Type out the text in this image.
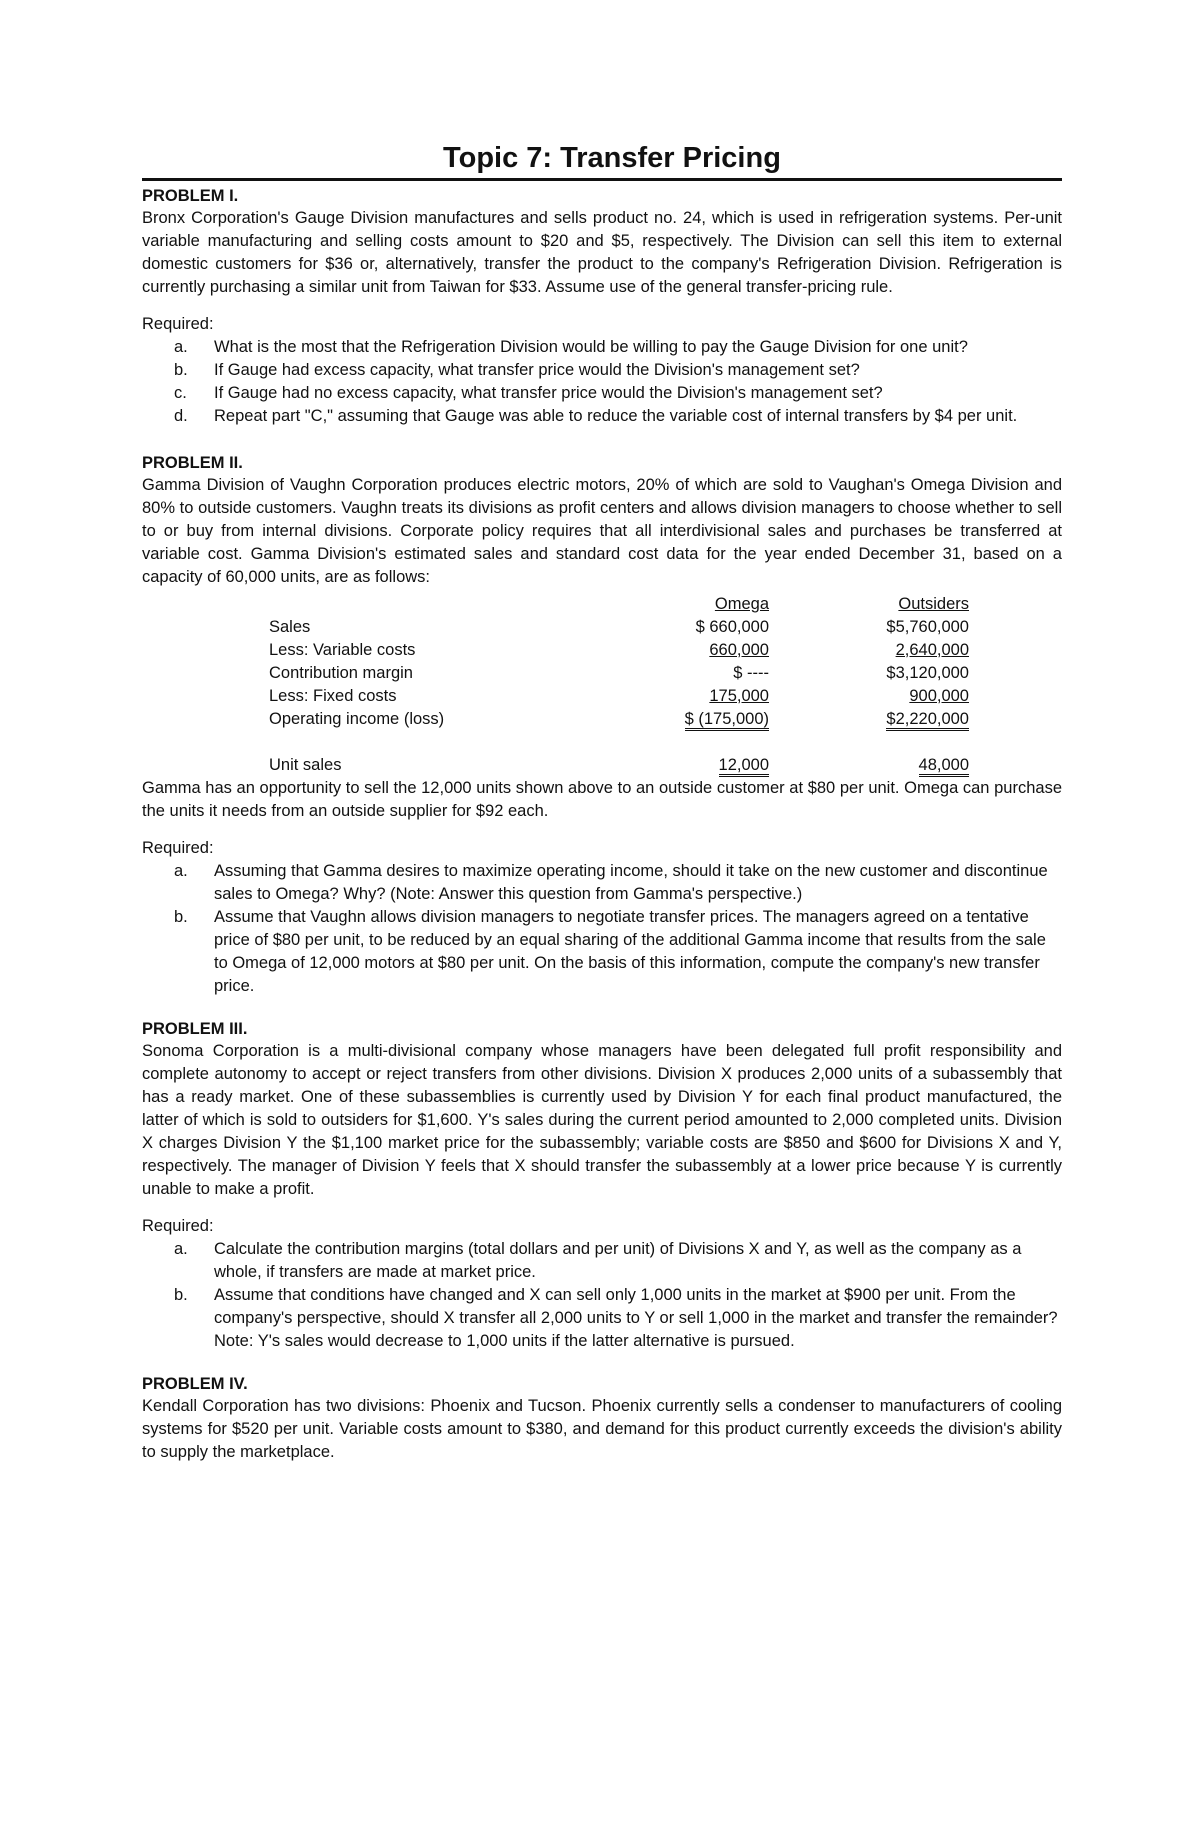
Topic 7: Transfer Pricing

PROBLEM I.

Bronx Corporation's Gauge Division manufactures and sells product no. 24, which is used in refrigeration systems. Per-unit variable manufacturing and selling costs amount to $20 and $5, respectively. The Division can sell this item to external domestic customers for $36 or, alternatively, transfer the product to the company's Refrigeration Division. Refrigeration is currently purchasing a similar unit from Taiwan for $33. Assume use of the general transfer-pricing rule.

Required:

a. What is the most that the Refrigeration Division would be willing to pay the Gauge Division for one unit?
b. If Gauge had excess capacity, what transfer price would the Division's management set?
c. If Gauge had no excess capacity, what transfer price would the Division's management set?
d. Repeat part "C," assuming that Gauge was able to reduce the variable cost of internal transfers by $4 per unit.

PROBLEM II.

Gamma Division of Vaughn Corporation produces electric motors, 20% of which are sold to Vaughan's Omega Division and 80% to outside customers. Vaughn treats its divisions as profit centers and allows division managers to choose whether to sell to or buy from internal divisions. Corporate policy requires that all interdivisional sales and purchases be transferred at variable cost. Gamma Division's estimated sales and standard cost data for the year ended December 31, based on a capacity of 60,000 units, are as follows:

	Omega	Outsiders
Sales	$ 660,000	$5,760,000
Less: Variable costs	660,000	2,640,000
Contribution margin	$ ----	$3,120,000
Less: Fixed costs	175,000	900,000
Operating income (loss)	$ (175,000)	$2,220,000

Unit sales	12,000	48,000

Gamma has an opportunity to sell the 12,000 units shown above to an outside customer at $80 per unit. Omega can purchase the units it needs from an outside supplier for $92 each.

Required:

a. Assuming that Gamma desires to maximize operating income, should it take on the new customer and discontinue sales to Omega? Why? (Note: Answer this question from Gamma's perspective.)
b. Assume that Vaughn allows division managers to negotiate transfer prices. The managers agreed on a tentative price of $80 per unit, to be reduced by an equal sharing of the additional Gamma income that results from the sale to Omega of 12,000 motors at $80 per unit. On the basis of this information, compute the company's new transfer price.

PROBLEM III.

Sonoma Corporation is a multi-divisional company whose managers have been delegated full profit responsibility and complete autonomy to accept or reject transfers from other divisions. Division X produces 2,000 units of a subassembly that has a ready market. One of these subassemblies is currently used by Division Y for each final product manufactured, the latter of which is sold to outsiders for $1,600. Y's sales during the current period amounted to 2,000 completed units. Division X charges Division Y the $1,100 market price for the subassembly; variable costs are $850 and $600 for Divisions X and Y, respectively. The manager of Division Y feels that X should transfer the subassembly at a lower price because Y is currently unable to make a profit.

Required:

a. Calculate the contribution margins (total dollars and per unit) of Divisions X and Y, as well as the company as a whole, if transfers are made at market price.
b. Assume that conditions have changed and X can sell only 1,000 units in the market at $900 per unit. From the company's perspective, should X transfer all 2,000 units to Y or sell 1,000 in the market and transfer the remainder? Note: Y's sales would decrease to 1,000 units if the latter alternative is pursued.

PROBLEM IV.

Kendall Corporation has two divisions: Phoenix and Tucson. Phoenix currently sells a condenser to manufacturers of cooling systems for $520 per unit. Variable costs amount to $380, and demand for this product currently exceeds the division's ability to supply the marketplace.
